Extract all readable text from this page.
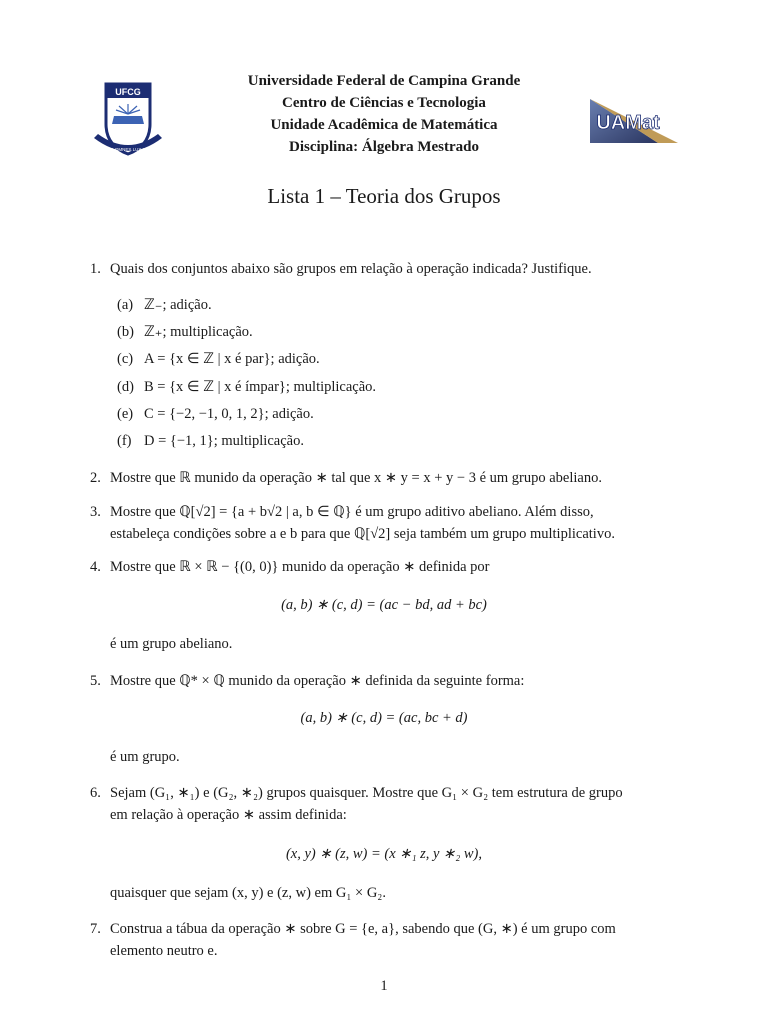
UFCG
SUPRA OMNES LUX LUCES
Universidade Federal de Campina Grande
Centro de Ciências e Tecnologia
Unidade Acadêmica de Matemática
Disciplina: Álgebra Mestrado
UAMat
Lista 1 – Teoria dos Grupos
1. Quais dos conjuntos abaixo são grupos em relação à operação indicada? Justifique.
(a) ℤ₋; adição.
(b) ℤ₊; multiplicação.
(c) A = {x ∈ ℤ | x é par}; adição.
(d) B = {x ∈ ℤ | x é ímpar}; multiplicação.
(e) C = {−2, −1, 0, 1, 2}; adição.
(f) D = {−1, 1}; multiplicação.
2. Mostre que ℝ munido da operação ∗ tal que x ∗ y = x + y − 3 é um grupo abeliano.
3. Mostre que ℚ[√2] = {a + b√2 | a, b ∈ ℚ} é um grupo aditivo abeliano. Além disso,
estabeleça condições sobre a e b para que ℚ[√2] seja também um grupo multiplicativo.
4. Mostre que ℝ × ℝ − {(0, 0)} munido da operação ∗ definida por
(a, b) ∗ (c, d) = (ac − bd, ad + bc)
é um grupo abeliano.
5. Mostre que ℚ* × ℚ munido da operação ∗ definida da seguinte forma:
(a, b) ∗ (c, d) = (ac, bc + d)
é um grupo.
6. Sejam (G₁, ∗₁) e (G₂, ∗₂) grupos quaisquer. Mostre que G₁ × G₂ tem estrutura de grupo
em relação à operação ∗ assim definida:
(x, y) ∗ (z, w) = (x ∗₁ z, y ∗₂ w),
quaisquer que sejam (x, y) e (z, w) em G₁ × G₂.
7. Construa a tábua da operação ∗ sobre G = {e, a}, sabendo que (G, ∗) é um grupo com
elemento neutro e.
1
